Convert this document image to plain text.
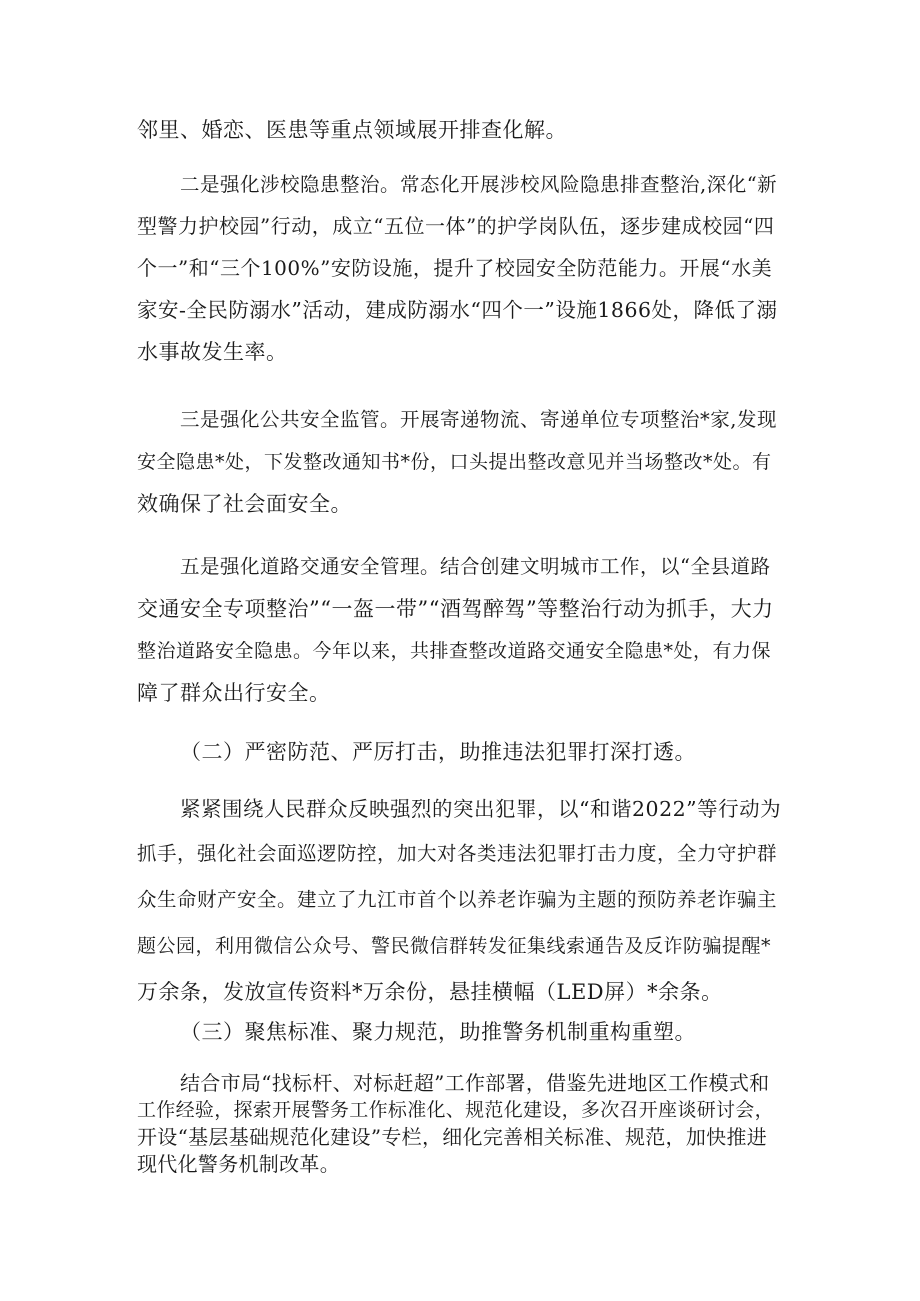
邻里、婚恋、医患等重点领域展开排查化解。
二是强化涉校隐患整治。常态化开展涉校风险隐患排查整治,深化“新
型警力护校园”行动，成立“五位一体”的护学岗队伍，逐步建成校园“四
个一”和“三个100%”安防设施，提升了校园安全防范能力。开展“水美
家安-全民防溺水”活动，建成防溺水“四个一”设施1866处，降低了溺
水事故发生率。
三是强化公共安全监管。开展寄递物流、寄递单位专项整治*家,发现
安全隐患*处，下发整改通知书*份，口头提出整改意见并当场整改*处。有
效确保了社会面安全。
五是强化道路交通安全管理。结合创建文明城市工作，以“全县道路
交通安全专项整治”“一盔一带”“酒驾醉驾”等整治行动为抓手，大力
整治道路安全隐患。今年以来，共排查整改道路交通安全隐患*处，有力保
障了群众出行安全。
（二）严密防范、严厉打击，助推违法犯罪打深打透。
紧紧围绕人民群众反映强烈的突出犯罪，以“和谐2022”等行动为
抓手，强化社会面巡逻防控，加大对各类违法犯罪打击力度，全力守护群
众生命财产安全。建立了九江市首个以养老诈骗为主题的预防养老诈骗主
题公园，利用微信公众号、警民微信群转发征集线索通告及反诈防骗提醒*
万余条，发放宣传资料*万余份，悬挂横幅（LED屏）*余条。
（三）聚焦标准、聚力规范，助推警务机制重构重塑。
结合市局“找标杆、对标赶超”工作部署，借鉴先进地区工作模式和
工作经验，探索开展警务工作标准化、规范化建设，多次召开座谈研讨会，
开设“基层基础规范化建设”专栏，细化完善相关标准、规范，加快推进
现代化警务机制改革。
